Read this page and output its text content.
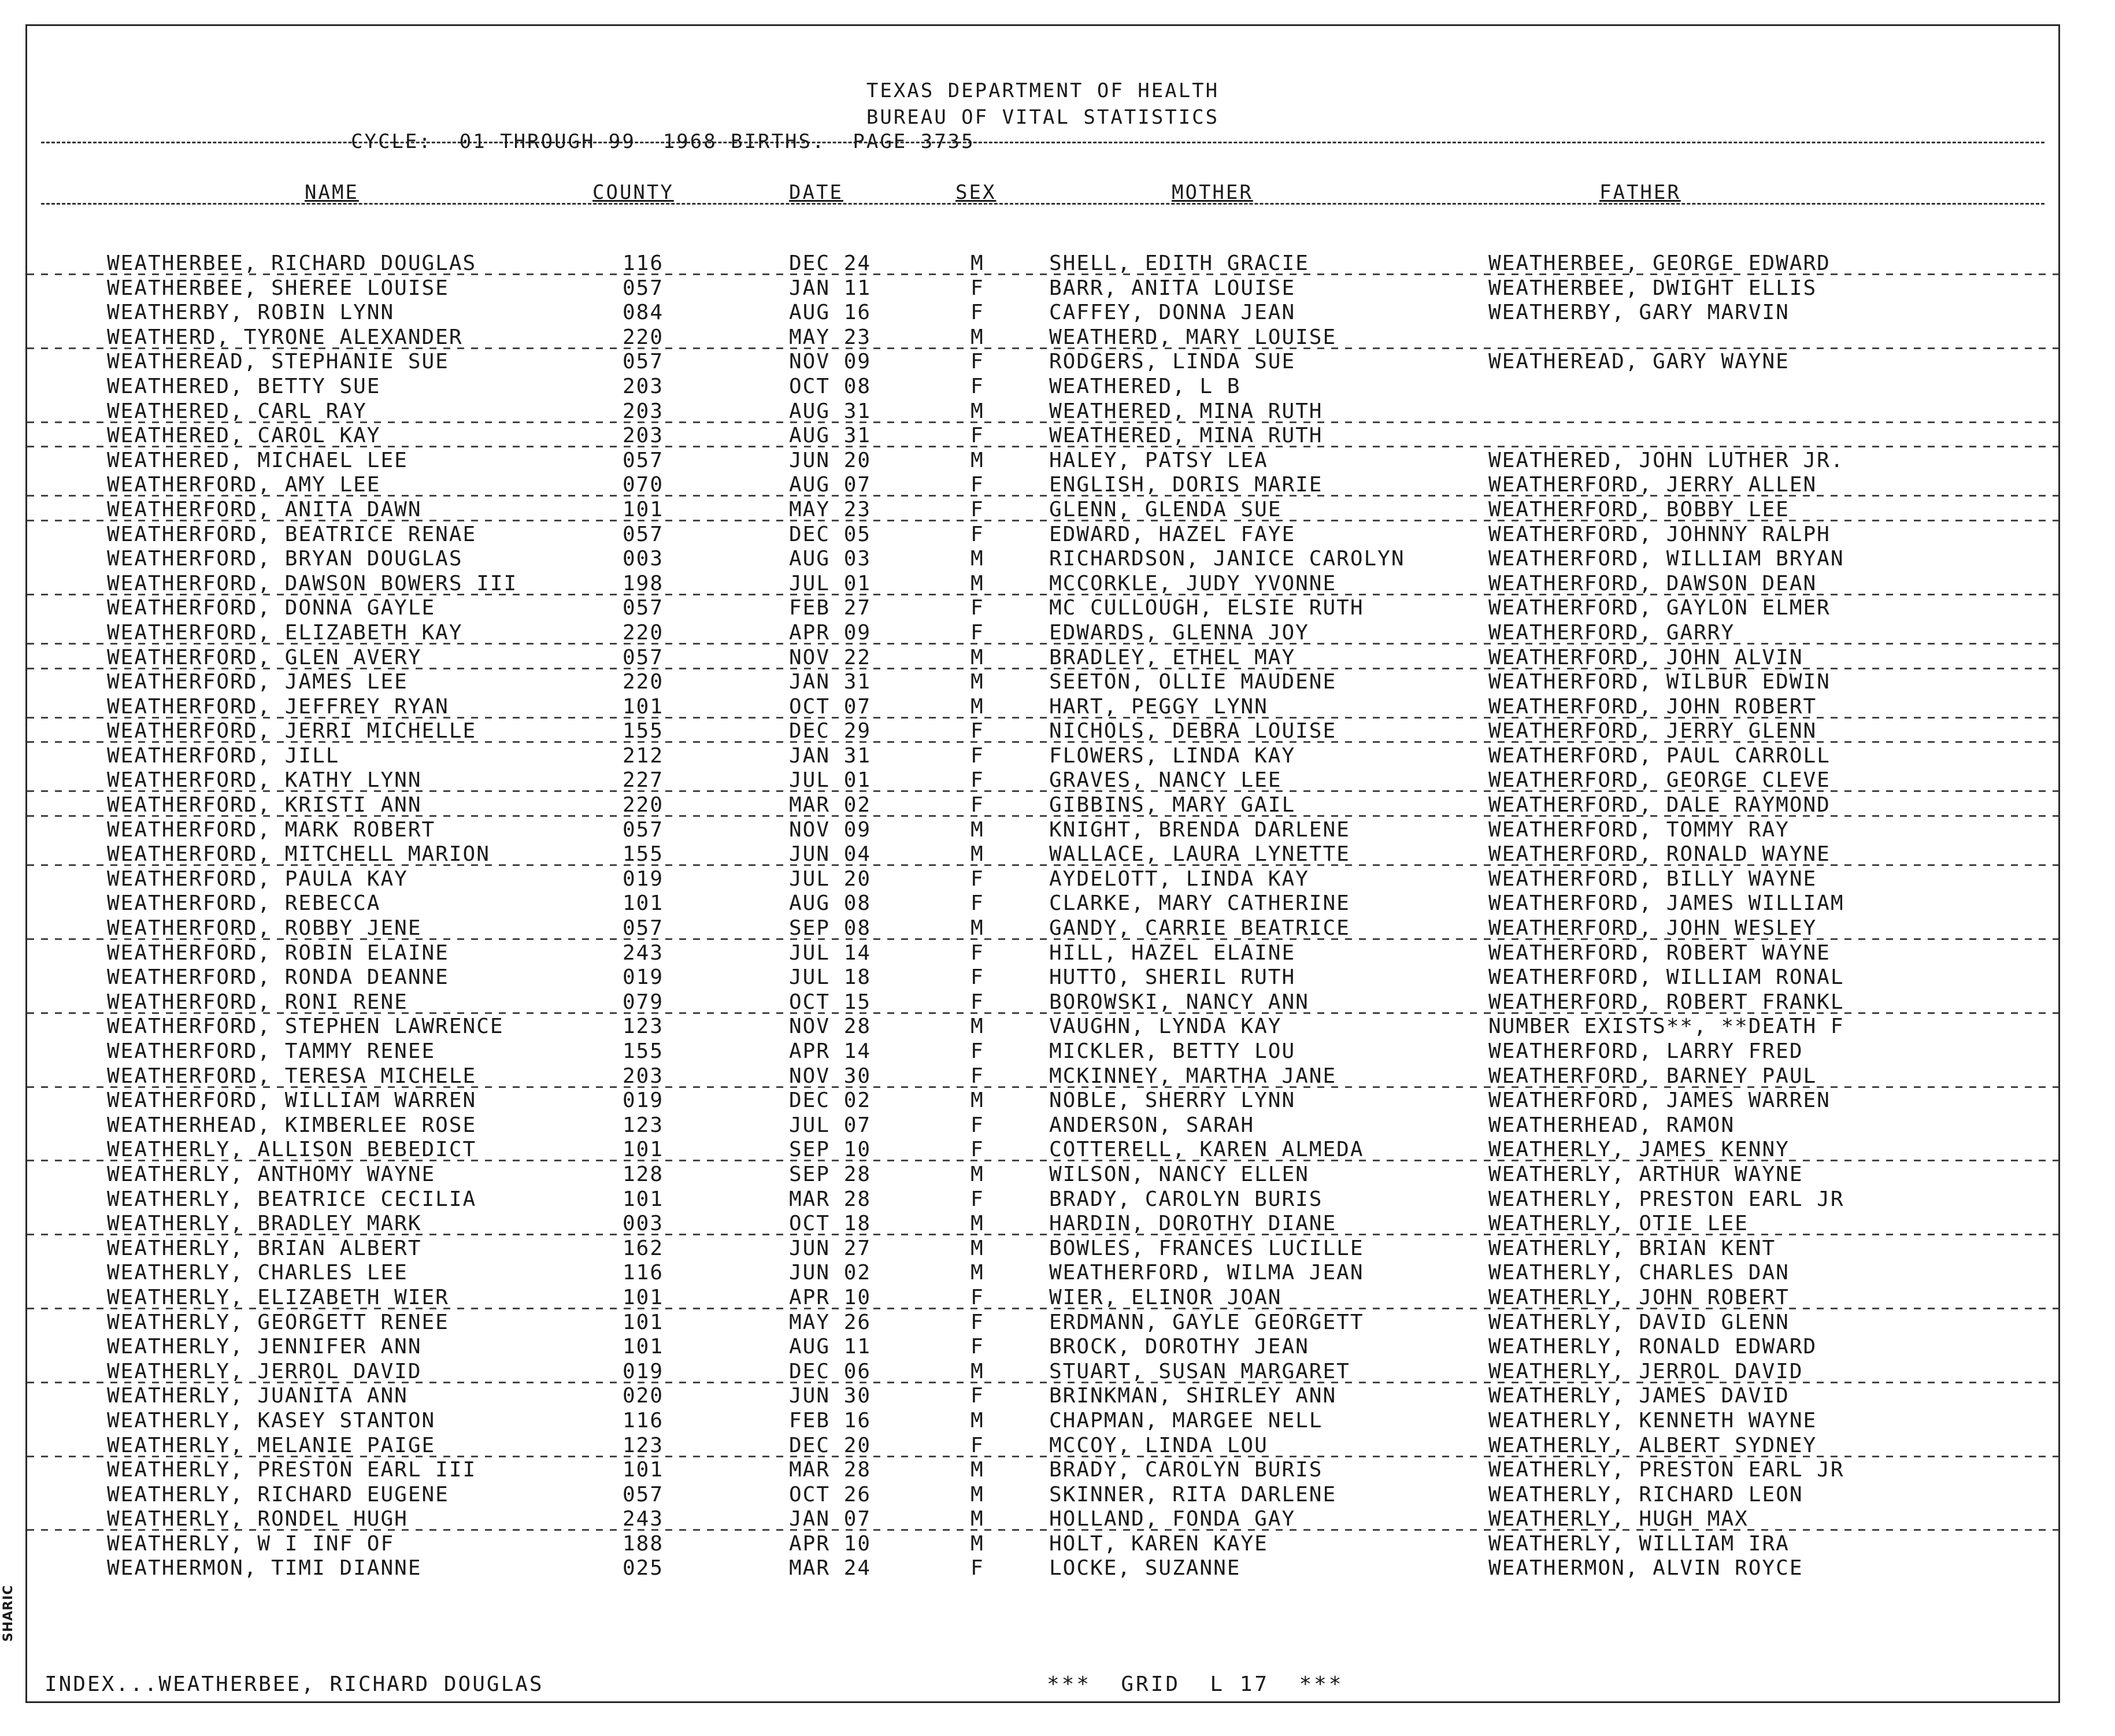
TEXAS DEPARTMENT OF HEALTH
BUREAU OF VITAL STATISTICS
CYCLE:  01 THROUGH 99  1968 BIRTHS.  PAGE 3735
NAME	COUNTY	DATE	SEX	MOTHER	FATHER
WEATHERBEE, RICHARD DOUGLAS	116	DEC 24	M	SHELL, EDITH GRACIE	WEATHERBEE, GEORGE EDWARD
WEATHERBEE, SHEREE LOUISE	057	JAN 11	F	BARR, ANITA LOUISE	WEATHERBEE, DWIGHT ELLIS
WEATHERBY, ROBIN LYNN	084	AUG 16	F	CAFFEY, DONNA JEAN	WEATHERBY, GARY MARVIN
WEATHERD, TYRONE ALEXANDER	220	MAY 23	M	WEATHERD, MARY LOUISE
WEATHEREAD, STEPHANIE SUE	057	NOV 09	F	RODGERS, LINDA SUE	WEATHEREAD, GARY WAYNE
WEATHERED, BETTY SUE	203	OCT 08	F	WEATHERED, L B
WEATHERED, CARL RAY	203	AUG 31	M	WEATHERED, MINA RUTH
WEATHERED, CAROL KAY	203	AUG 31	F	WEATHERED, MINA RUTH
WEATHERED, MICHAEL LEE	057	JUN 20	M	HALEY, PATSY LEA	WEATHERED, JOHN LUTHER JR.
WEATHERFORD, AMY LEE	070	AUG 07	F	ENGLISH, DORIS MARIE	WEATHERFORD, JERRY ALLEN
WEATHERFORD, ANITA DAWN	101	MAY 23	F	GLENN, GLENDA SUE	WEATHERFORD, BOBBY LEE
WEATHERFORD, BEATRICE RENAE	057	DEC 05	F	EDWARD, HAZEL FAYE	WEATHERFORD, JOHNNY RALPH
WEATHERFORD, BRYAN DOUGLAS	003	AUG 03	M	RICHARDSON, JANICE CAROLYN	WEATHERFORD, WILLIAM BRYAN
WEATHERFORD, DAWSON BOWERS III	198	JUL 01	M	MCCORKLE, JUDY YVONNE	WEATHERFORD, DAWSON DEAN
WEATHERFORD, DONNA GAYLE	057	FEB 27	F	MC CULLOUGH, ELSIE RUTH	WEATHERFORD, GAYLON ELMER
WEATHERFORD, ELIZABETH KAY	220	APR 09	F	EDWARDS, GLENNA JOY	WEATHERFORD, GARRY
WEATHERFORD, GLEN AVERY	057	NOV 22	M	BRADLEY, ETHEL MAY	WEATHERFORD, JOHN ALVIN
WEATHERFORD, JAMES LEE	220	JAN 31	M	SEETON, OLLIE MAUDENE	WEATHERFORD, WILBUR EDWIN
WEATHERFORD, JEFFREY RYAN	101	OCT 07	M	HART, PEGGY LYNN	WEATHERFORD, JOHN ROBERT
WEATHERFORD, JERRI MICHELLE	155	DEC 29	F	NICHOLS, DEBRA LOUISE	WEATHERFORD, JERRY GLENN
WEATHERFORD, JILL	212	JAN 31	F	FLOWERS, LINDA KAY	WEATHERFORD, PAUL CARROLL
WEATHERFORD, KATHY LYNN	227	JUL 01	F	GRAVES, NANCY LEE	WEATHERFORD, GEORGE CLEVE
WEATHERFORD, KRISTI ANN	220	MAR 02	F	GIBBINS, MARY GAIL	WEATHERFORD, DALE RAYMOND
WEATHERFORD, MARK ROBERT	057	NOV 09	M	KNIGHT, BRENDA DARLENE	WEATHERFORD, TOMMY RAY
WEATHERFORD, MITCHELL MARION	155	JUN 04	M	WALLACE, LAURA LYNETTE	WEATHERFORD, RONALD WAYNE
WEATHERFORD, PAULA KAY	019	JUL 20	F	AYDELOTT, LINDA KAY	WEATHERFORD, BILLY WAYNE
WEATHERFORD, REBECCA	101	AUG 08	F	CLARKE, MARY CATHERINE	WEATHERFORD, JAMES WILLIAM
WEATHERFORD, ROBBY JENE	057	SEP 08	M	GANDY, CARRIE BEATRICE	WEATHERFORD, JOHN WESLEY
WEATHERFORD, ROBIN ELAINE	243	JUL 14	F	HILL, HAZEL ELAINE	WEATHERFORD, ROBERT WAYNE
WEATHERFORD, RONDA DEANNE	019	JUL 18	F	HUTTO, SHERIL RUTH	WEATHERFORD, WILLIAM RONAL
WEATHERFORD, RONI RENE	079	OCT 15	F	BOROWSKI, NANCY ANN	WEATHERFORD, ROBERT FRANKL
WEATHERFORD, STEPHEN LAWRENCE	123	NOV 28	M	VAUGHN, LYNDA KAY	NUMBER EXISTS**, **DEATH F
WEATHERFORD, TAMMY RENEE	155	APR 14	F	MICKLER, BETTY LOU	WEATHERFORD, LARRY FRED
WEATHERFORD, TERESA MICHELE	203	NOV 30	F	MCKINNEY, MARTHA JANE	WEATHERFORD, BARNEY PAUL
WEATHERFORD, WILLIAM WARREN	019	DEC 02	M	NOBLE, SHERRY LYNN	WEATHERFORD, JAMES WARREN
WEATHERHEAD, KIMBERLEE ROSE	123	JUL 07	F	ANDERSON, SARAH	WEATHERHEAD, RAMON
WEATHERLY, ALLISON BEBEDICT	101	SEP 10	F	COTTERELL, KAREN ALMEDA	WEATHERLY, JAMES KENNY
WEATHERLY, ANTHOMY WAYNE	128	SEP 28	M	WILSON, NANCY ELLEN	WEATHERLY, ARTHUR WAYNE
WEATHERLY, BEATRICE CECILIA	101	MAR 28	F	BRADY, CAROLYN BURIS	WEATHERLY, PRESTON EARL JR
WEATHERLY, BRADLEY MARK	003	OCT 18	M	HARDIN, DOROTHY DIANE	WEATHERLY, OTIE LEE
WEATHERLY, BRIAN ALBERT	162	JUN 27	M	BOWLES, FRANCES LUCILLE	WEATHERLY, BRIAN KENT
WEATHERLY, CHARLES LEE	116	JUN 02	M	WEATHERFORD, WILMA JEAN	WEATHERLY, CHARLES DAN
WEATHERLY, ELIZABETH WIER	101	APR 10	F	WIER, ELINOR JOAN	WEATHERLY, JOHN ROBERT
WEATHERLY, GEORGETT RENEE	101	MAY 26	F	ERDMANN, GAYLE GEORGETT	WEATHERLY, DAVID GLENN
WEATHERLY, JENNIFER ANN	101	AUG 11	F	BROCK, DOROTHY JEAN	WEATHERLY, RONALD EDWARD
WEATHERLY, JERROL DAVID	019	DEC 06	M	STUART, SUSAN MARGARET	WEATHERLY, JERROL DAVID
WEATHERLY, JUANITA ANN	020	JUN 30	F	BRINKMAN, SHIRLEY ANN	WEATHERLY, JAMES DAVID
WEATHERLY, KASEY STANTON	116	FEB 16	M	CHAPMAN, MARGEE NELL	WEATHERLY, KENNETH WAYNE
WEATHERLY, MELANIE PAIGE	123	DEC 20	F	MCCOY, LINDA LOU	WEATHERLY, ALBERT SYDNEY
WEATHERLY, PRESTON EARL III	101	MAR 28	M	BRADY, CAROLYN BURIS	WEATHERLY, PRESTON EARL JR
WEATHERLY, RICHARD EUGENE	057	OCT 26	M	SKINNER, RITA DARLENE	WEATHERLY, RICHARD LEON
WEATHERLY, RONDEL HUGH	243	JAN 07	M	HOLLAND, FONDA GAY	WEATHERLY, HUGH MAX
WEATHERLY, W I INF OF	188	APR 10	M	HOLT, KAREN KAYE	WEATHERLY, WILLIAM IRA
WEATHERMON, TIMI DIANNE	025	MAR 24	F	LOCKE, SUZANNE	WEATHERMON, ALVIN ROYCE
INDEX...WEATHERBEE, RICHARD DOUGLAS	***  GRID  L 17  ***
SHARIC
